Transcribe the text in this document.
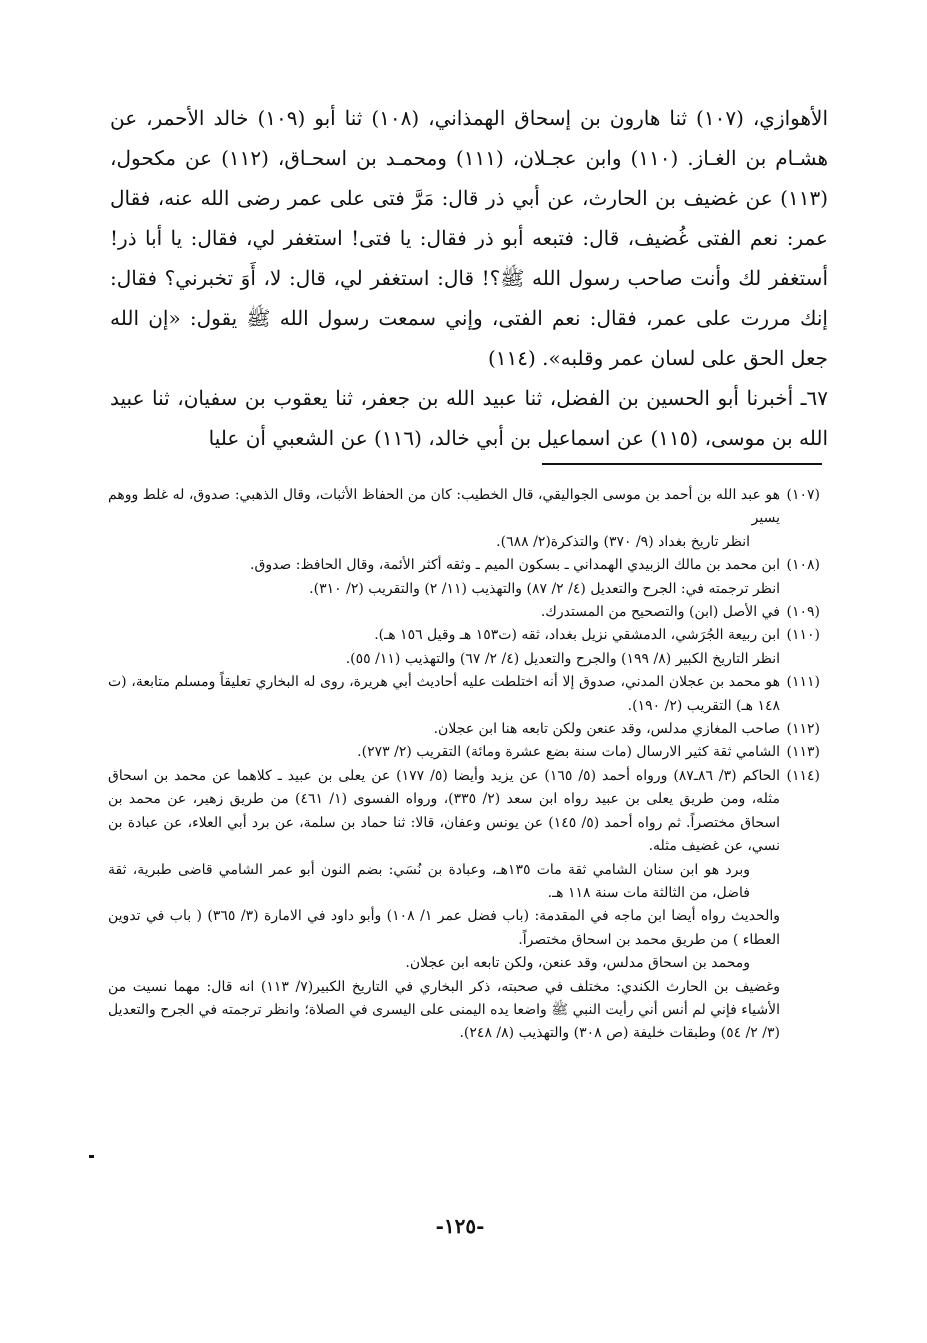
الأهوازي، (١٠٧) ثنا هارون بن إسحاق الهمذاني، (١٠٨) ثنا أبو (١٠٩) خالد الأحمر، عن هشـام بن الغـاز. (١١٠) وابن عجـلان، (١١١) ومحمـد بن اسحـاق، (١١٢) عن مكحول، (١١٣) عن غضيف بن الحارث، عن أبي ذر قال: مَرَّ فتى على عمر رضى الله عنه، فقال عمر: نعم الفتى غُضيف، قال: فتبعه أبو ذر فقال: يا فتى! استغفر لي، فقال: يا أبا ذر! أستغفر لك وأنت صاحب رسول الله ﷺ؟! قال: استغفر لي، قال: لا، أَوَ تخبرني؟ فقال: إنك مررت على عمر، فقال: نعم الفتى، وإني سمعت رسول الله ﷺ يقول: «إن الله جعل الحق على لسان عمر وقلبه». (١١٤)

٦٧ـ أخبرنا أبو الحسين بن الفضل، ثنا عبيد الله بن جعفر، ثنا يعقوب بن سفيان، ثنا عبيد الله بن موسى، (١١٥) عن اسماعيل بن أبي خالد، (١١٦) عن الشعبي أن عليا

(١٠٧)

هو عبد الله بن أحمد بن موسى الجواليقي، قال الخطيب: كان من الحفاظ الأثبات، وقال الذهبي: صدوق، له غلط ووهم يسير

انظر تاريخ بغداد (٩/ ٣٧٠) والتذكرة(٢/ ٦٨٨).

(١٠٨)

ابن محمد بن مالك الزبيدي الهمداني ـ بسكون الميم ـ وثقه أكثر الأئمة، وقال الحافظ: صدوق.

انظر ترجمته في: الجرح والتعديل (٤/ ٢/ ٨٧) والتهذيب (١١/ ٢) والتقريب (٢/ ٣١٠).

(١٠٩)

في الأصل (ابن) والتصحيح من المستدرك.

(١١٠)

ابن ربيعة الجُرَشي، الدمشقي نزيل بغداد، ثقه (ت١٥٣ هـ وقيل ١٥٦ هـ).

انظر التاريخ الكبير (٨/ ١٩٩) والجرح والتعديل (٤/ ٢/ ٦٧) والتهذيب (١١/ ٥٥).

(١١١)

هو محمد بن عجلان المدني، صدوق إلا أنه اختلطت عليه أحاديث أبي هريرة، روى له البخاري تعليقاً ومسلم متابعة، (ت ١٤٨ هـ) التقريب (٢/ ١٩٠).

(١١٢)

صاحب المغازي مدلس، وقد عنعن ولكن تابعه هنا ابن عجلان.

(١١٣)

الشامي ثقة كثير الارسال (مات سنة بضع عشرة ومائة) التقريب (٢/ ٢٧٣).

(١١٤)

الحاكم (٣/ ٨٦ـ٨٧) ورواه أحمد (٥/ ١٦٥) عن يزيد وأيضا (٥/ ١٧٧) عن يعلى بن عبيد ـ كلاهما عن محمد بن اسحاق مثله، ومن طريق يعلى بن عبيد رواه ابن سعد (٢/ ٣٣٥)، ورواه الفسوى (١/ ٤٦١) من طريق زهير، عن محمد بن اسحاق مختصراً. ثم رواه أحمد (٥/ ١٤٥) عن يونس وعفان، قالا: ثنا حماد بن سلمة، عن برد أبي العلاء، عن عبادة بن نسي، عن غضيف مثله.

وبرد هو ابن سنان الشامي ثقة مات ١٣٥هـ، وعبادة بن نُسَي: بضم النون أبو عمر الشامي قاضى طبرية، ثقة فاضل، من الثالثة مات سنة ١١٨ هـ.

والحديث رواه أيضا ابن ماجه في المقدمة: (باب فضل عمر ١/ ١٠٨) وأبو داود في الامارة (٣/ ٣٦٥) ( باب في تدوين العطاء ) من طريق محمد بن اسحاق مختصراً.

ومحمد بن اسحاق مدلس، وقد عنعن، ولكن تابعه ابن عجلان.

وغضيف بن الحارث الكندي: مختلف في صحبته، ذكر البخاري في التاريخ الكبير(٧/ ١١٣) انه قال: مهما نسيت من الأشياء فإني لم أنس أني رأيت النبي ﷺ واضعا يده اليمنى على اليسرى في الصلاة؛ وانظر ترجمته في الجرح والتعديل (٣/ ٢/ ٥٤) وطبقات خليفة (ص ٣٠٨) والتهذيب (٨/ ٢٤٨).

-١٢٥-
